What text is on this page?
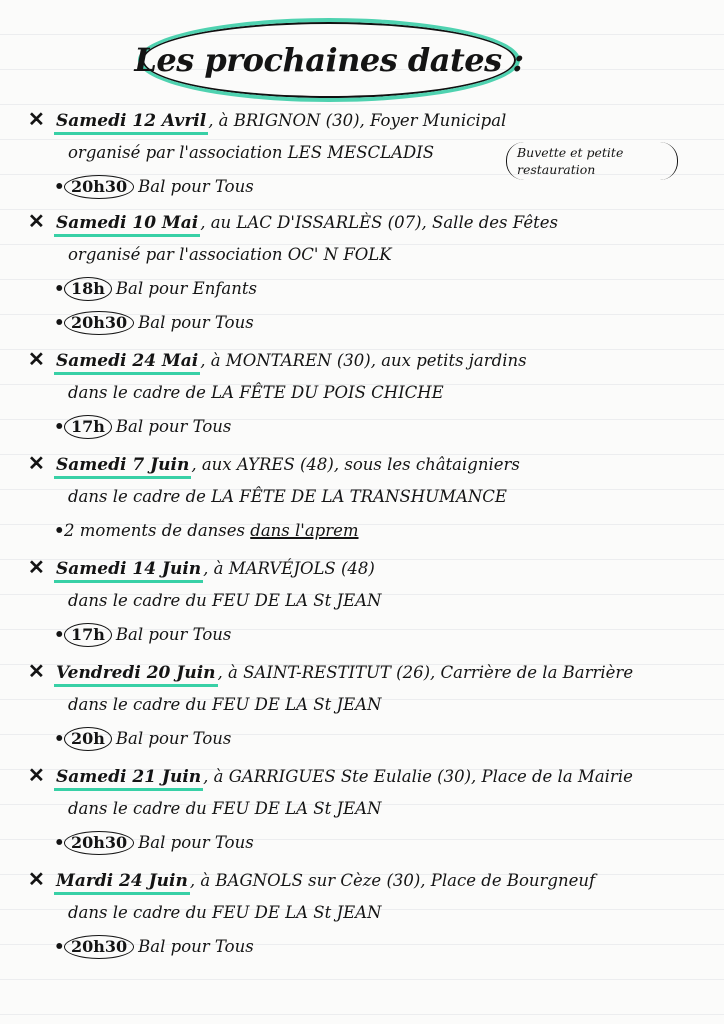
Les prochaines dates :
Buvette et petite restauration
✕ Samedi 12 Avril , à BRIGNON (30), Foyer Municipal
organisé par l'association LES MESCLADIS
• 20h30 Bal pour Tous
✕ Samedi 10 Mai , au LAC D'ISSARLÈS (07), Salle des Fêtes
organisé par l'association OC' N FOLK
• 18h Bal pour Enfants
• 20h30 Bal pour Tous
✕ Samedi 24 Mai , à MONTAREN (30), aux petits jardins
dans le cadre de LA FÊTE DU POIS CHICHE
• 17h Bal pour Tous
✕ Samedi 7 Juin , aux AYRES (48), sous les châtaigniers
dans le cadre de LA FÊTE DE LA TRANSHUMANCE
•2 moments de danses dans l'aprem
✕ Samedi 14 Juin , à MARVÉJOLS (48)
dans le cadre du FEU DE LA St JEAN
• 17h Bal pour Tous
✕ Vendredi 20 Juin , à SAINT-RESTITUT (26), Carrière de la Barrière
dans le cadre du FEU DE LA St JEAN
• 20h Bal pour Tous
✕ Samedi 21 Juin , à GARRIGUES Ste Eulalie (30), Place de la Mairie
dans le cadre du FEU DE LA St JEAN
• 20h30 Bal pour Tous
✕ Mardi 24 Juin , à BAGNOLS sur Cèze (30), Place de Bourgneuf
dans le cadre du FEU DE LA St JEAN
• 20h30 Bal pour Tous
